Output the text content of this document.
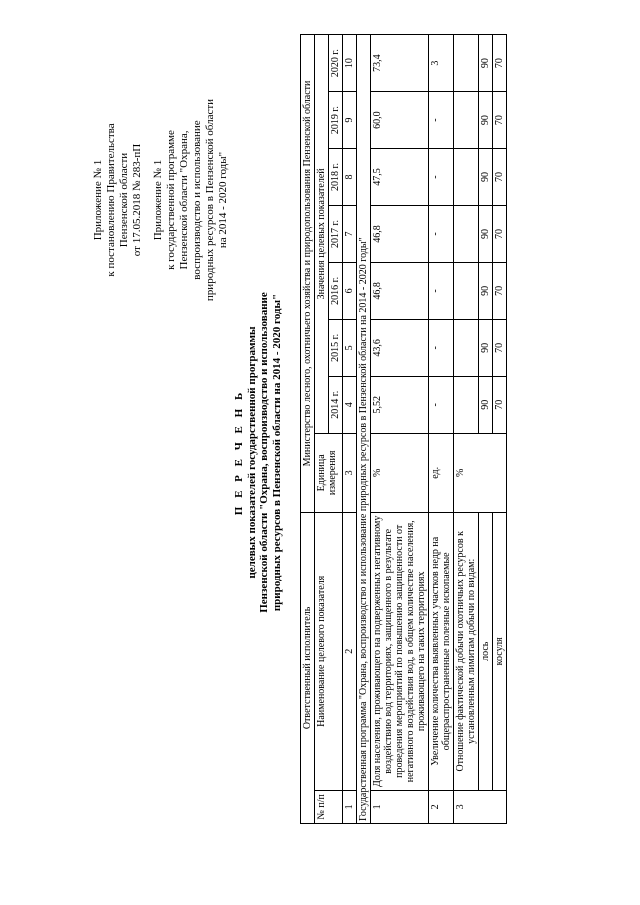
Приложение № 1 к постановлению Правительства Пензенской области от 17.05.2018 № 283-пП Приложение № 1 к государственной программе Пензенской области "Охрана, воспроизводство и использование природных ресурсов в Пензенской области на 2014 - 2020 годы"
П Е Р Е Ч Е Н Ь целевых показателей государственной программы Пензенской области "Охрана, воспроизводство и использование природных ресурсов в Пензенской области на 2014 - 2020 годы"
Ответственный исполнитель		Министерство лесного, охотничьего хозяйства и природопользования Пензенской области							
№ п/п	Наименование целевого показателя	Единица измерения	Значения целевых показателей						
			2014 г.	2015 г.	2016 г.	2017 г.	2018 г.	2019 г.	2020 г.
1	2	3	4	5	6	7	8	9	10
Государственная программа "Охрана, воспроизводство и использование природных ресурсов в Пензенской области на 2014 - 2020 годы"									
1	Доля населения, проживающего на подверженных негативному воздействию вод территориях, защищенного в результате проведения мероприятий по повышению защищенности от негативного воздействия вод, в общем количестве населения, проживающего на таких территориях	%	5,52	43,6	46,8	46,8	47,5	60,0	73,4
2	Увеличение количества выявленных участков недр на общераспространенные полезные ископаемые	ед.	-	-	-	-	-	-	3
3	Отношение фактической добычи охотничьих ресурсов к установленным лимитам добычи по видам:	%							
	лось		90	90	90	90	90	90	90
	косуля		70	70	70	70	70	70	70
